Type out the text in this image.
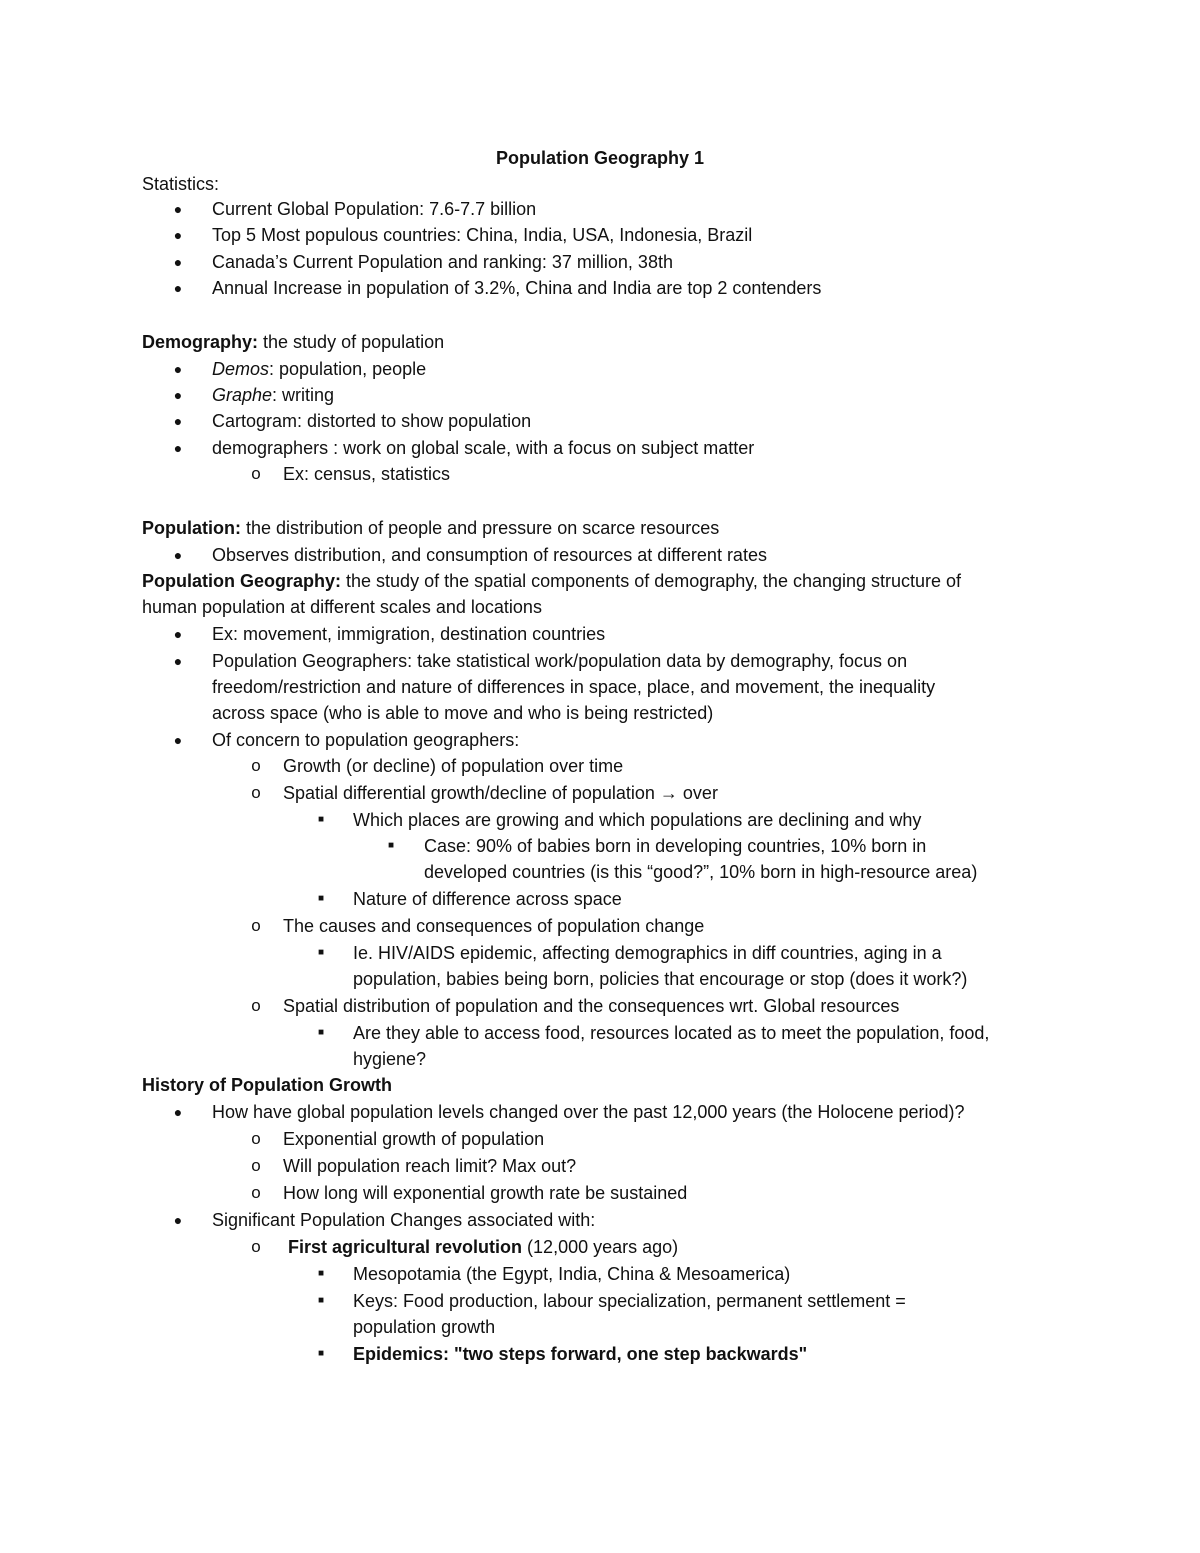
Population Geography 1
Statistics:
●	Current Global Population: 7.6-7.7 billion
●	Top 5 Most populous countries: China, India, USA, Indonesia, Brazil
●	Canada’s Current Population and ranking: 37 million, 38th
●	Annual Increase in population of 3.2%, China and India are top 2 contenders
Demography: the study of population
●	Demos: population, people
●	Graphe: writing
●	Cartogram: distorted to show population
●	demographers : work on global scale, with a focus on subject matter
o Ex: census, statistics
Population: the distribution of people and pressure on scarce resources
●	Observes distribution, and consumption of resources at different rates
Population Geography: the study of the spatial components of demography, the changing structure of
human population at different scales and locations
●	Ex: movement, immigration, destination countries
●	Population Geographers: take statistical work/population data by demography, focus on
freedom/restriction and nature of differences in space, place, and movement, the inequality
across space (who is able to move and who is being restricted)
●	Of concern to population geographers:
o Growth (or decline) of population over time
o Spatial differential growth/decline of population → over
■	Which places are growing and which populations are declining and why
■	Case: 90% of babies born in developing countries, 10% born in
developed countries (is this “good?”, 10% born in high-resource area)
■	Nature of difference across space
o The causes and consequences of population change
■	Ie. HIV/AIDS epidemic, affecting demographics in diff countries, aging in a
population, babies being born, policies that encourage or stop (does it work?)
o Spatial distribution of population and the consequences wrt. Global resources
■	Are they able to access food, resources located as to meet the population, food,
hygiene?
History of Population Growth
●	How have global population levels changed over the past 12,000 years (the Holocene period)?
o Exponential growth of population
o Will population reach limit? Max out?
o How long will exponential growth rate be sustained
●	Significant Population Changes associated with:
o First agricultural revolution (12,000 years ago)
■	Mesopotamia (the Egypt, India, China & Mesoamerica)
■	Keys: Food production, labour specialization, permanent settlement =
population growth
■	Epidemics: "two steps forward, one step backwards"
